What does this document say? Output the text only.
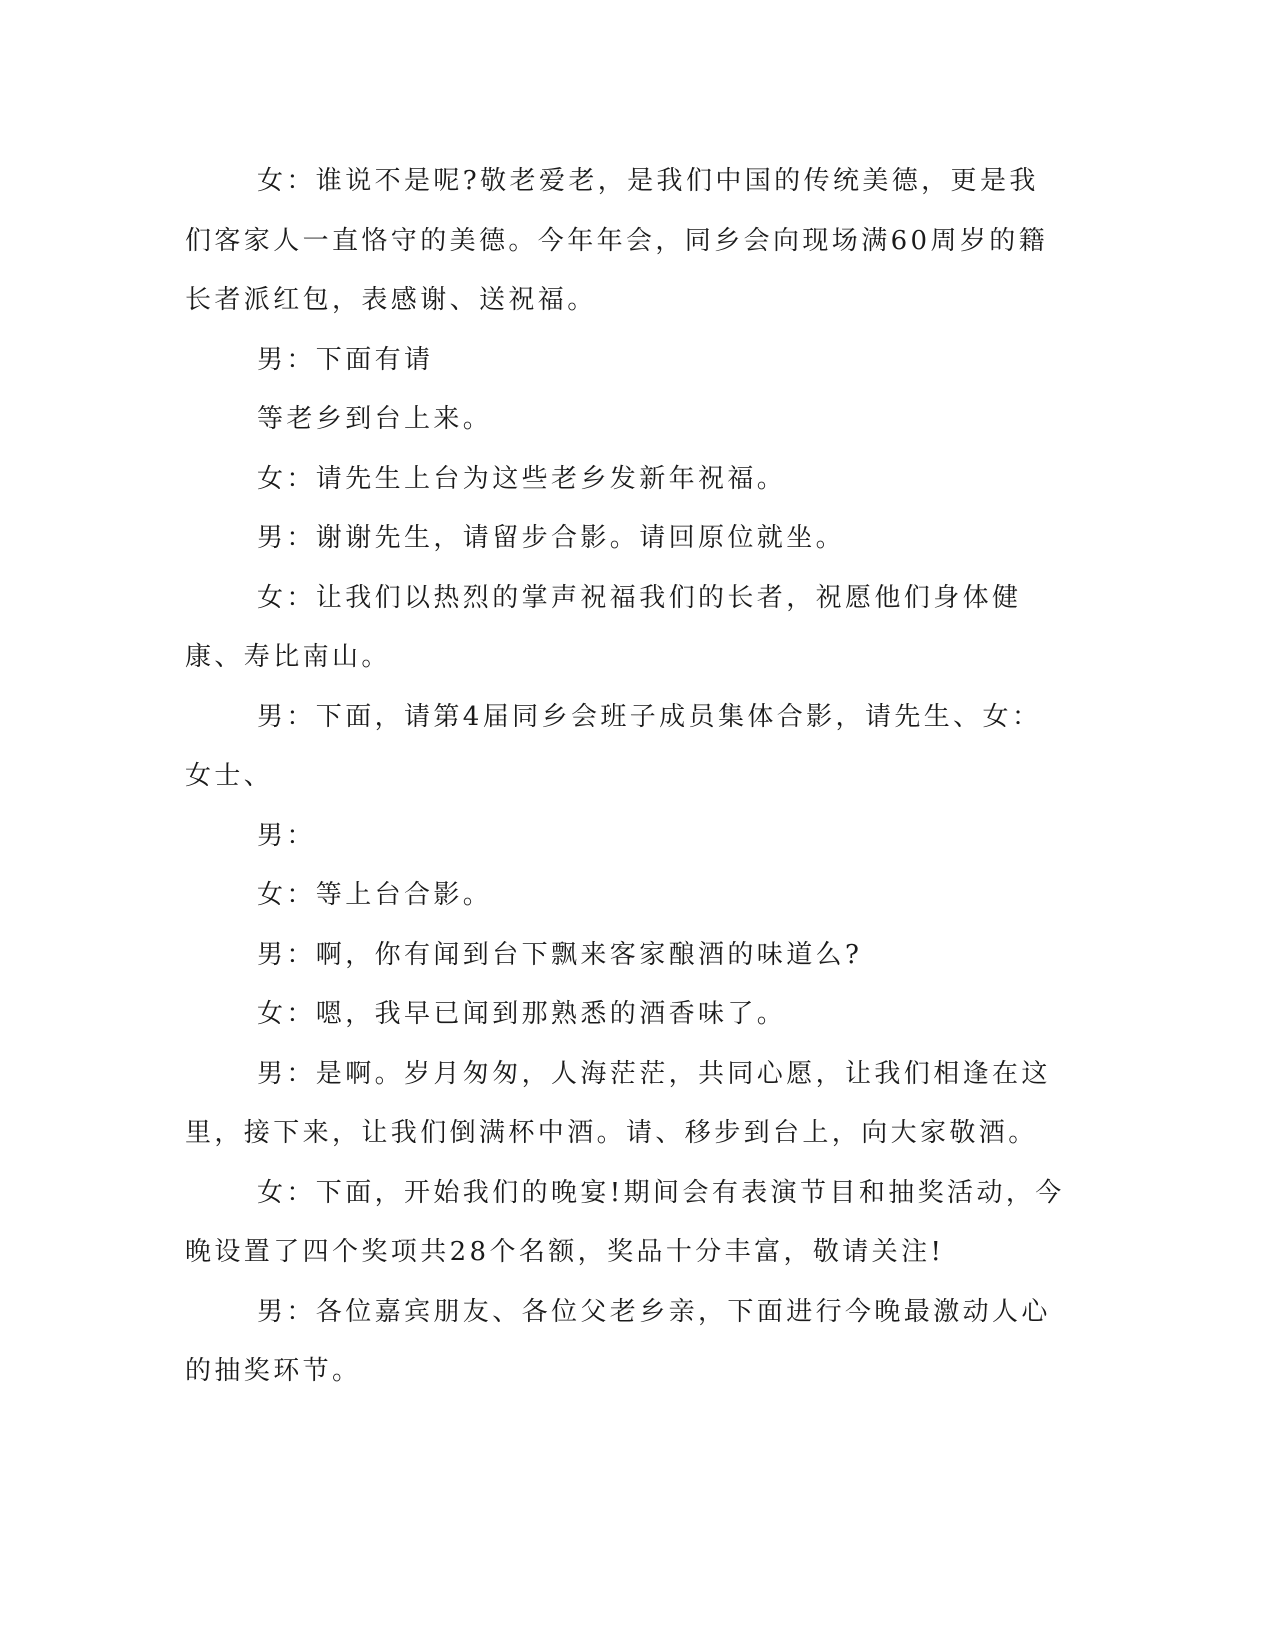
女：谁说不是呢?敬老爱老，是我们中国的传统美德，更是我们客家人一直恪守的美德。今年年会，同乡会向现场满60周岁的籍长者派红包，表感谢、送祝福。

男：下面有请

等老乡到台上来。

女：请先生上台为这些老乡发新年祝福。

男：谢谢先生，请留步合影。请回原位就坐。

女：让我们以热烈的掌声祝福我们的长者，祝愿他们身体健康、寿比南山。

男：下面，请第4届同乡会班子成员集体合影，请先生、女：女士、

男：

女：等上台合影。

男：啊，你有闻到台下飘来客家酿酒的味道么?

女：嗯，我早已闻到那熟悉的酒香味了。

男：是啊。岁月匆匆，人海茫茫，共同心愿，让我们相逢在这里，接下来，让我们倒满杯中酒。请、移步到台上，向大家敬酒。

女：下面，开始我们的晚宴!期间会有表演节目和抽奖活动，今晚设置了四个奖项共28个名额，奖品十分丰富，敬请关注!

男：各位嘉宾朋友、各位父老乡亲，下面进行今晚最激动人心的抽奖环节。
